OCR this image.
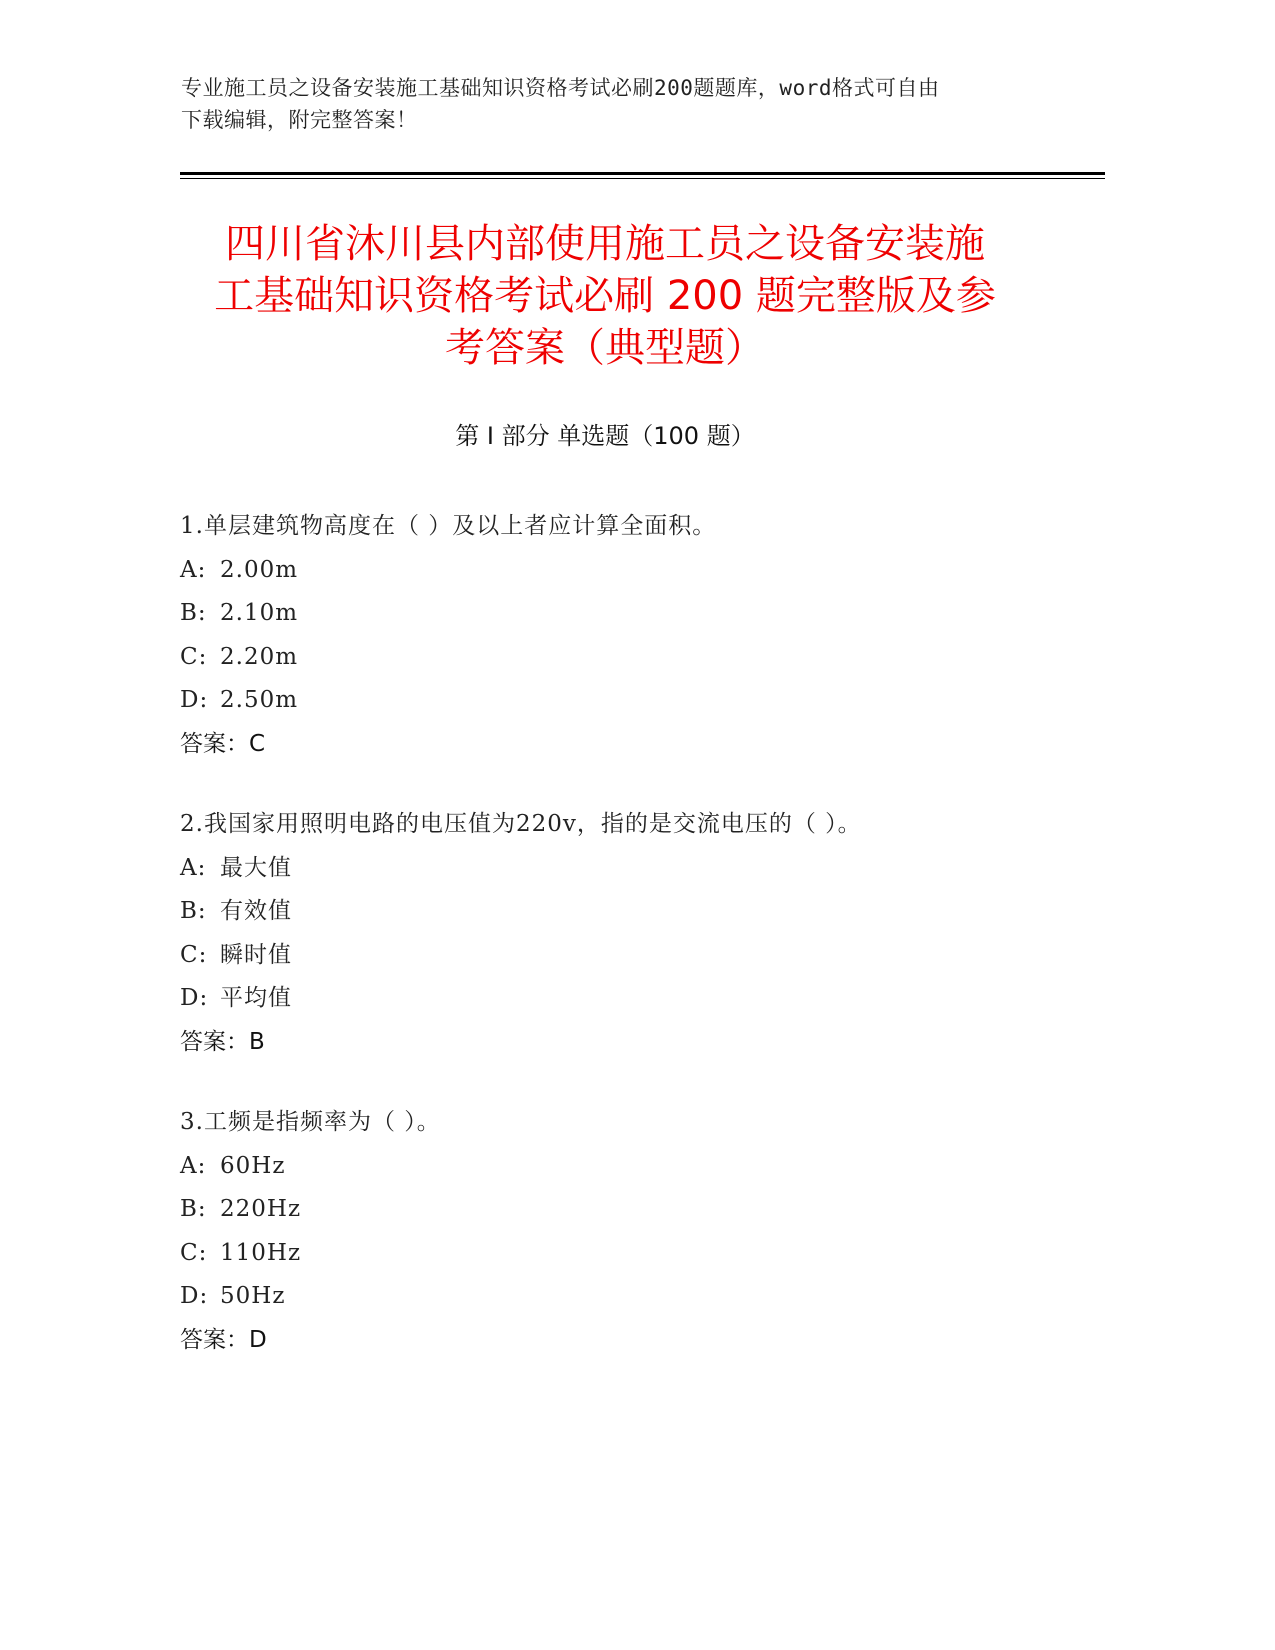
专业施工员之设备安装施工基础知识资格考试必刷200题题库，word格式可自由
下载编辑，附完整答案！
四川省沐川县内部使用施工员之设备安装施
工基础知识资格考试必刷 200 题完整版及参
考答案（典型题）
第 I 部分 单选题（100 题）
1.单层建筑物高度在（ ）及以上者应计算全面积。
A: 2.00m
B: 2.10m
C: 2.20m
D: 2.50m
答案：C
2.我国家用照明电路的电压值为220v，指的是交流电压的（ ）。
A: 最大值
B: 有效值
C: 瞬时值
D: 平均值
答案：B
3.工频是指频率为（ ）。
A: 60Hz
B: 220Hz
C: 110Hz
D: 50Hz
答案：D
